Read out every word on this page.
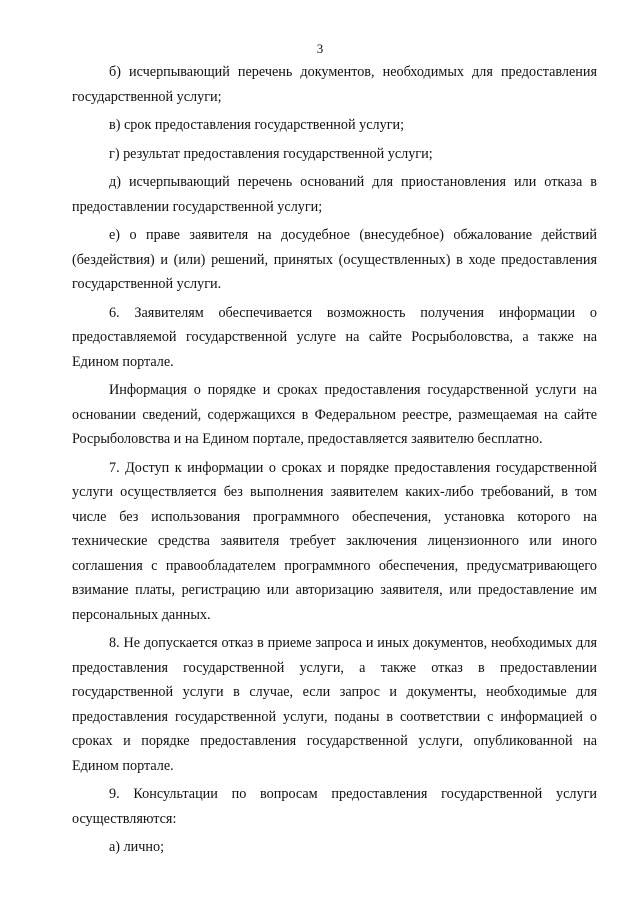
3

б) исчерпывающий перечень документов, необходимых для предоставления государственной услуги;

в) срок предоставления государственной услуги;

г) результат предоставления государственной услуги;

д) исчерпывающий перечень оснований для приостановления или отказа в предоставлении государственной услуги;

е) о праве заявителя на досудебное (внесудебное) обжалование действий (бездействия) и (или) решений, принятых (осуществленных) в ходе предоставления государственной услуги.

6. Заявителям обеспечивается возможность получения информации о предоставляемой государственной услуге на сайте Росрыболовства, а также на Едином портале.

Информация о порядке и сроках предоставления государственной услуги на основании сведений, содержащихся в Федеральном реестре, размещаемая на сайте Росрыболовства и на Едином портале, предоставляется заявителю бесплатно.

7. Доступ к информации о сроках и порядке предоставления государственной услуги осуществляется без выполнения заявителем каких-либо требований, в том числе без использования программного обеспечения, установка которого на технические средства заявителя требует заключения лицензионного или иного соглашения с правообладателем программного обеспечения, предусматривающего взимание платы, регистрацию или авторизацию заявителя, или предоставление им персональных данных.

8. Не допускается отказ в приеме запроса и иных документов, необходимых для предоставления государственной услуги, а также отказ в предоставлении государственной услуги в случае, если запрос и документы, необходимые для предоставления государственной услуги, поданы в соответствии с информацией о сроках и порядке предоставления государственной услуги, опубликованной на Едином портале.

9. Консультации по вопросам предоставления государственной услуги осуществляются:

а) лично;
